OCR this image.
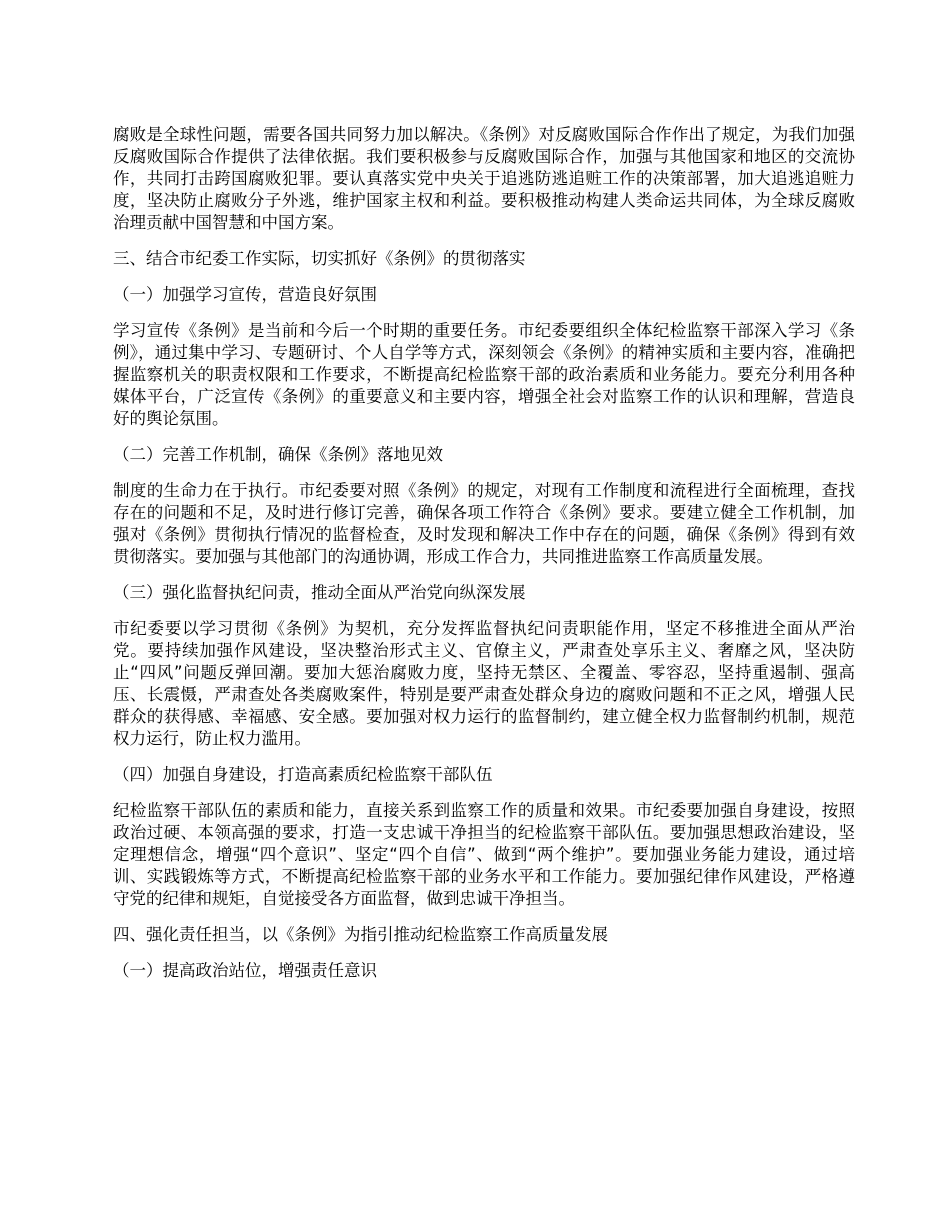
腐败是全球性问题，需要各国共同努力加以解决。《条例》对反腐败国际合作作出了规定，为我们加强反腐败国际合作提供了法律依据。我们要积极参与反腐败国际合作，加强与其他国家和地区的交流协作，共同打击跨国腐败犯罪。要认真落实党中央关于追逃防逃追赃工作的决策部署，加大追逃追赃力度，坚决防止腐败分子外逃，维护国家主权和利益。要积极推动构建人类命运共同体，为全球反腐败治理贡献中国智慧和中国方案。

三、结合市纪委工作实际，切实抓好《条例》的贯彻落实

（一）加强学习宣传，营造良好氛围

学习宣传《条例》是当前和今后一个时期的重要任务。市纪委要组织全体纪检监察干部深入学习《条例》，通过集中学习、专题研讨、个人自学等方式，深刻领会《条例》的精神实质和主要内容，准确把握监察机关的职责权限和工作要求，不断提高纪检监察干部的政治素质和业务能力。要充分利用各种媒体平台，广泛宣传《条例》的重要意义和主要内容，增强全社会对监察工作的认识和理解，营造良好的舆论氛围。

（二）完善工作机制，确保《条例》落地见效

制度的生命力在于执行。市纪委要对照《条例》的规定，对现有工作制度和流程进行全面梳理，查找存在的问题和不足，及时进行修订完善，确保各项工作符合《条例》要求。要建立健全工作机制，加强对《条例》贯彻执行情况的监督检查，及时发现和解决工作中存在的问题，确保《条例》得到有效贯彻落实。要加强与其他部门的沟通协调，形成工作合力，共同推进监察工作高质量发展。

（三）强化监督执纪问责，推动全面从严治党向纵深发展

市纪委要以学习贯彻《条例》为契机，充分发挥监督执纪问责职能作用，坚定不移推进全面从严治党。要持续加强作风建设，坚决整治形式主义、官僚主义，严肃查处享乐主义、奢靡之风，坚决防止“四风”问题反弹回潮。要加大惩治腐败力度，坚持无禁区、全覆盖、零容忍，坚持重遏制、强高压、长震慑，严肃查处各类腐败案件，特别是要严肃查处群众身边的腐败问题和不正之风，增强人民群众的获得感、幸福感、安全感。要加强对权力运行的监督制约，建立健全权力监督制约机制，规范权力运行，防止权力滥用。

（四）加强自身建设，打造高素质纪检监察干部队伍

纪检监察干部队伍的素质和能力，直接关系到监察工作的质量和效果。市纪委要加强自身建设，按照政治过硬、本领高强的要求，打造一支忠诚干净担当的纪检监察干部队伍。要加强思想政治建设，坚定理想信念，增强“四个意识”、坚定“四个自信”、做到“两个维护”。要加强业务能力建设，通过培训、实践锻炼等方式，不断提高纪检监察干部的业务水平和工作能力。要加强纪律作风建设，严格遵守党的纪律和规矩，自觉接受各方面监督，做到忠诚干净担当。

四、强化责任担当，以《条例》为指引推动纪检监察工作高质量发展

（一）提高政治站位，增强责任意识
